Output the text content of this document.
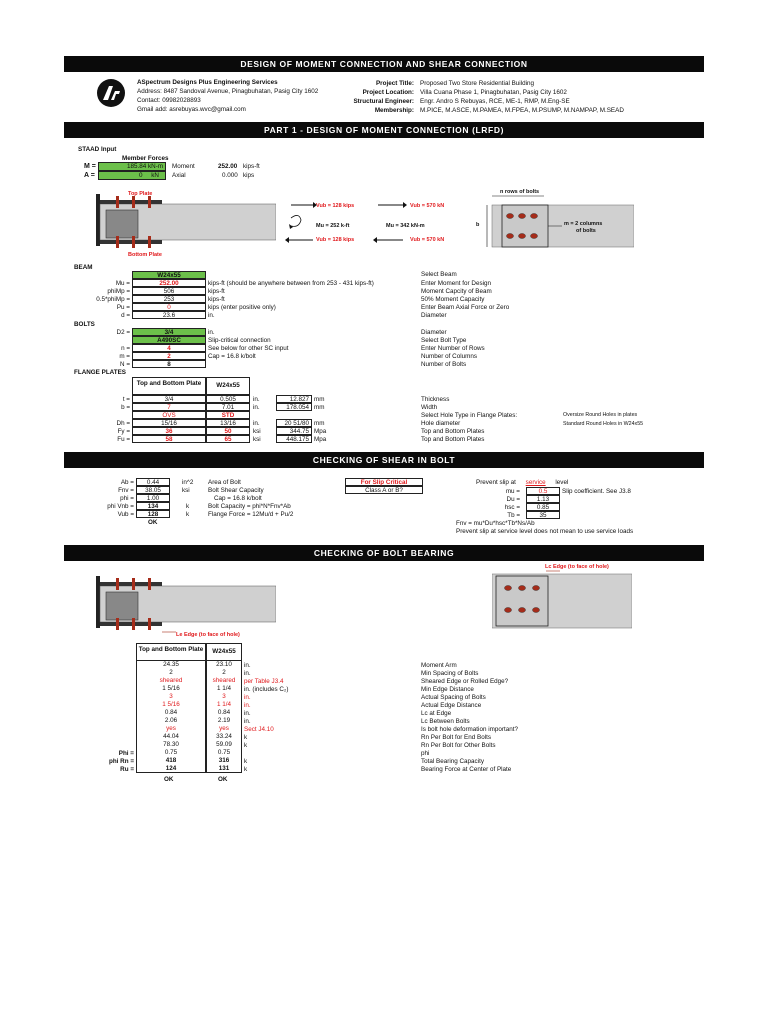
DESIGN OF MOMENT CONNECTION AND SHEAR CONNECTION
ASpectrum Designs Plus Engineering Services
Address: 8487 Sandoval Avenue, Pinagbuhatan, Pasig City 1602
Contact: 09982028893
Gmail add: asrebuyas.wvc@gmail.com
Project Title: Proposed Two Store Residential Building
Project Location: Villa Cuana Phase 1, Pinagbuhatan, Pasig City 1602
Structural Engineer: Engr. Andro S Rebuyas, RCE, ME-1, RMP, M.Eng-SE
Membership: M.PICE, M.ASCE, M.PAMEA, M.FPEA, M.PSUMP, M.NAMPAP, M.SEAD
PART 1 - DESIGN OF MOMENT CONNECTION (LRFD)
STAAD Input
Member Forces
M =	185.84 kN-m	Moment	252.00 kips-ft
A =	0 kN	Axial	0.000 kips
Top Plate
Bottom Plate
Vub = 128 kips	Vub = 570 kN
Mu = 252 k-ft	Mu = 342 kN-m
Vub = 128 kips	Vub = 570 kN
n rows of bolts
b	m = 2 columns
of bolts
BEAM
W24x55	Select Beam
Mu =	252.00	kips-ft (should be anywhere between from 253 - 431 kips-ft)	Enter Moment for Design
phiMp =	506	kips-ft	Moment Capcity of Beam
0.5*phiMp =	253	kips-ft	50% Moment Capacity
Pu =	0	kips (enter positive only)	Enter Beam Axial Force or Zero
d =	23.6	in.	Diameter
BOLTS
D2 =	3/4	in.	Diameter
A490SC	Slip-critical connection	Select Bolt Type
n =	4	See below for other SC input	Enter Number of Rows
m =	2	Cap = 16.8 k/bolt	Number of Columns
N =	8	Number of Bolts
FLANGE PLATES
Top and Bottom Plate	W24x55
t =	3/4	0.505	in.	12.827 mm	Thickness
b =	7	7.01	in.	178.054 mm	Width
OVS	STD	Select Hole Type in Flange Plates:	Oversize Round Holes in plates
Dh =	15/16	13/16	in.	20 51/80 mm	Hole diameter	Standard Round Holes in W24x55
Fy =	36	50	ksi	344.75 Mpa	Top and Bottom Plates
Fu =	58	65	ksi	448.175 Mpa	Top and Bottom Plates
CHECKING OF SHEAR IN BOLT
Ab =	0.44	in^2 Area of Bolt
Fnv =	38.05	ksi	Bolt Shear Capacity
phi =	1.00	Cap = 16.8 k/bolt
phi Vnb =	134	k	Bolt Capacity = phi*N*Fnv*Ab
Vub =	128	k	Flange Force = 12Mu/d + Pu/2
OK
For Slip Critical
Class A or B?
Prevent slip at service level
mu =	0.5	Slip coefficient. See J3.8
Du =	1.13
hsc =	0.85
Tb =	35
Fnv = mu*Du*hsc*Tb*Ns/Ab
Prevent slip at service level does not mean to use service loads
CHECKING OF BOLT BEARING
Le Edge (to face of hole)
Lc Edge (to face of hole)
Top and Bottom Plate	W24x55
24.35	23.10	in.	Moment Arm
2	2	in.	Min Spacing of Bolts
sheared	sheared	per Table J3.4	Sheared Edge or Rolled Edge?
1 5/16	1 1/4	in. (includes C₂)	Min Edge Distance
3	3	in.	Actual Spacing of Bolts
1 5/16	1 1/4	in.	Actual Edge Distance
0.84	0.84	in.	Lc at Edge
2.06	2.19	in.	Lc Between Bolts
yes	yes	Sect J4.10	Is bolt hole deformation important?
44.04	33.24	k	Rn Per Bolt for End Bolts
78.30	59.09	k	Rn Per Bolt for Other Bolts
Phi =	0.75	0.75	phi
phi Rn =	418	316	k	Total Bearing Capacity
Ru =	124	131	k	Bearing Force at Center of Plate
OK	OK
